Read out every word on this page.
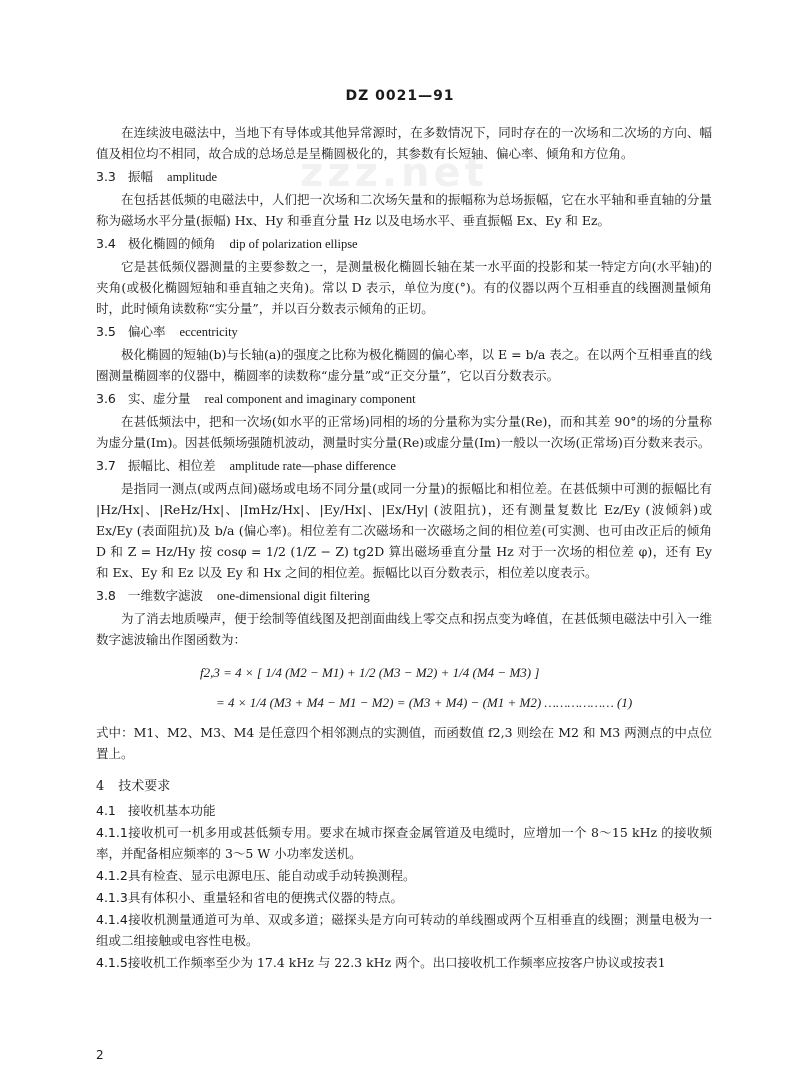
zzz.net
DZ 0021—91

在连续波电磁法中，当地下有导体或其他异常源时，在多数情况下，同时存在的一次场和二次场的方向、幅值及相位均不相同，故合成的总场总是呈椭圆极化的，其参数有长短轴、偏心率、倾角和方位角。

3.3 振幅 amplitude

在包括甚低频的电磁法中，人们把一次场和二次场矢量和的振幅称为总场振幅，它在水平轴和垂直轴的分量称为磁场水平分量(振幅) Hx、Hy 和垂直分量 Hz 以及电场水平、垂直振幅 Ex、Ey 和 Ez。

3.4 极化椭圆的倾角 dip of polarization ellipse

它是甚低频仪器测量的主要参数之一，是测量极化椭圆长轴在某一水平面的投影和某一特定方向(水平轴)的夹角(或极化椭圆短轴和垂直轴之夹角)。常以 D 表示，单位为度(°)。有的仪器以两个互相垂直的线圈测量倾角时，此时倾角读数称“实分量”，并以百分数表示倾角的正切。

3.5 偏心率 eccentricity

极化椭圆的短轴(b)与长轴(a)的强度之比称为极化椭圆的偏心率，以 E = b/a 表之。在以两个互相垂直的线圈测量椭圆率的仪器中，椭圆率的读数称“虚分量”或“正交分量”，它以百分数表示。

3.6 实、虚分量 real component and imaginary component

在甚低频法中，把和一次场(如水平的正常场)同相的场的分量称为实分量(Re)，而和其差 90°的场的分量称为虚分量(Im)。因甚低频场强随机波动，测量时实分量(Re)或虚分量(Im)一般以一次场(正常场)百分数来表示。

3.7 振幅比、相位差 amplitude rate—phase difference

是指同一测点(或两点间)磁场或电场不同分量(或同一分量)的振幅比和相位差。在甚低频中可测的振幅比有 |Hz/Hx|、|ReHz/Hx|、|ImHz/Hx|、|Ey/Hx|、|Ex/Hy| (波阻抗)，还有测量复数比 Ez/Ey (波倾斜)或 Ex/Ey (表面阻抗)及 b/a (偏心率)。相位差有二次磁场和一次磁场之间的相位差(可实测、也可由改正后的倾角 D 和 Z = Hz/Hy 按 cosφ = 1/2 (1/Z − Z) tg2D 算出磁场垂直分量 Hz 对于一次场的相位差 φ)，还有 Ey 和 Ex、Ey 和 Ez 以及 Ey 和 Hx 之间的相位差。振幅比以百分数表示，相位差以度表示。

3.8 一维数字滤波 one-dimensional digit filtering

为了消去地质噪声，便于绘制等值线图及把剖面曲线上零交点和拐点变为峰值，在甚低频电磁法中引入一维数字滤波输出作图函数为：

f2,3 = 4 × [ 1/4 (M2 − M1) + 1/2 (M3 − M2) + 1/4 (M4 − M3) ]
= 4 × 1/4 (M3 + M4 − M1 − M2) = (M3 + M4) − (M1 + M2) ……………… (1)

式中：M1、M2、M3、M4 是任意四个相邻测点的实测值，而函数值 f2,3 则绘在 M2 和 M3 两测点的中点位置上。

4 技术要求
4.1 接收机基本功能
4.1.1接收机可一机多用或甚低频专用。要求在城市探查金属管道及电缆时，应增加一个 8～15 kHz 的接收频率，并配备相应频率的 3～5 W 小功率发送机。
4.1.2具有检查、显示电源电压、能自动或手动转换测程。
4.1.3具有体积小、重量轻和省电的便携式仪器的特点。
4.1.4接收机测量通道可为单、双或多道；磁探头是方向可转动的单线圈或两个互相垂直的线圈；测量电极为一组或二组接触或电容性电极。
4.1.5接收机工作频率至少为 17.4 kHz 与 22.3 kHz 两个。出口接收机工作频率应按客户协议或按表1
2
